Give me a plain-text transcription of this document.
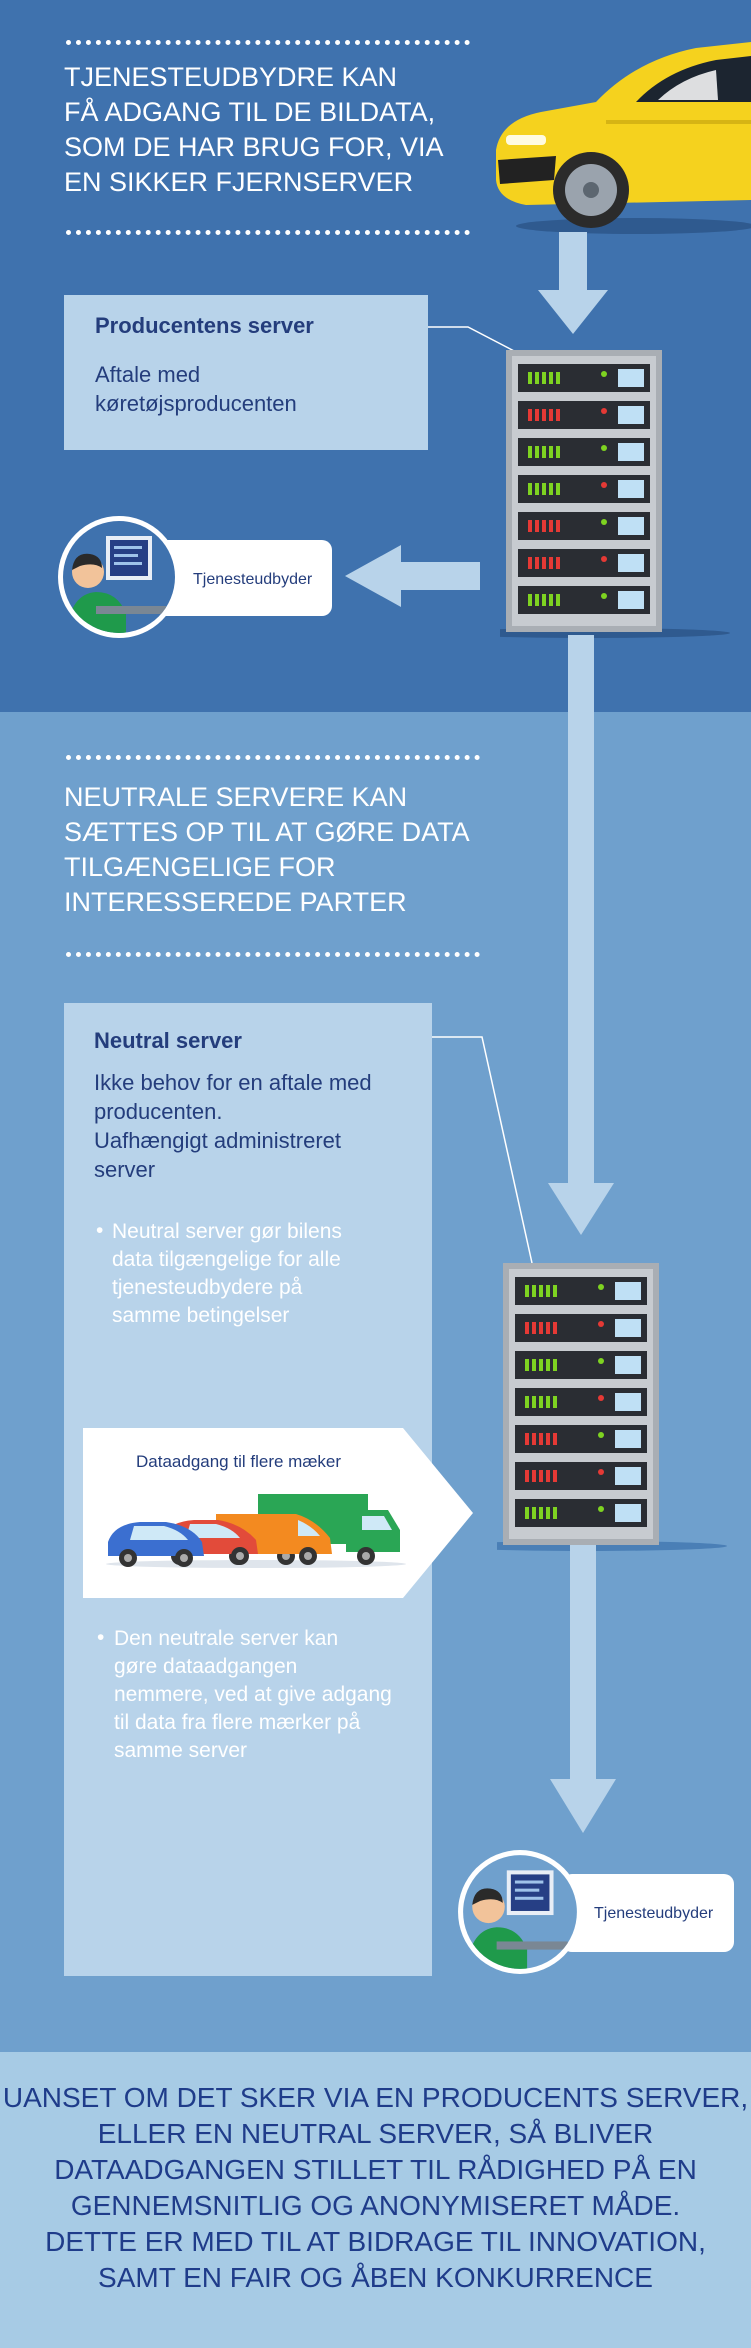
TJENESTEUDBYDRE KAN
FÅ ADGANG TIL DE BILDATA,
SOM DE HAR BRUG FOR, VIA
EN SIKKER FJERNSERVER
Producentens server

Aftale med
køretøjsproducenten

Tjenesteudbyder
NEUTRALE SERVERE KAN
SÆTTES OP TIL AT GØRE DATA
TILGÆNGELIGE FOR
INTERESSEREDE PARTER
Neutral server

Ikke behov for en aftale med
producenten.
Uafhængigt administreret
server

• Neutral server gør bilens
data tilgængelige for alle
tjenesteudbydere på
samme betingelser

Dataadgang til flere mæker
• Den neutrale server kan
gøre dataadgangen
nemmere, ved at give adgang
til data fra flere mærker på
samme server

Tjenesteudbyder

UANSET OM DET SKER VIA EN PRODUCENTS SERVER,
ELLER EN NEUTRAL SERVER, SÅ BLIVER
DATAADGANGEN STILLET TIL RÅDIGHED PÅ EN
GENNEMSNITLIG OG ANONYMISERET MÅDE.
DETTE ER MED TIL AT BIDRAGE TIL INNOVATION,
SAMT EN FAIR OG ÅBEN KONKURRENCE
